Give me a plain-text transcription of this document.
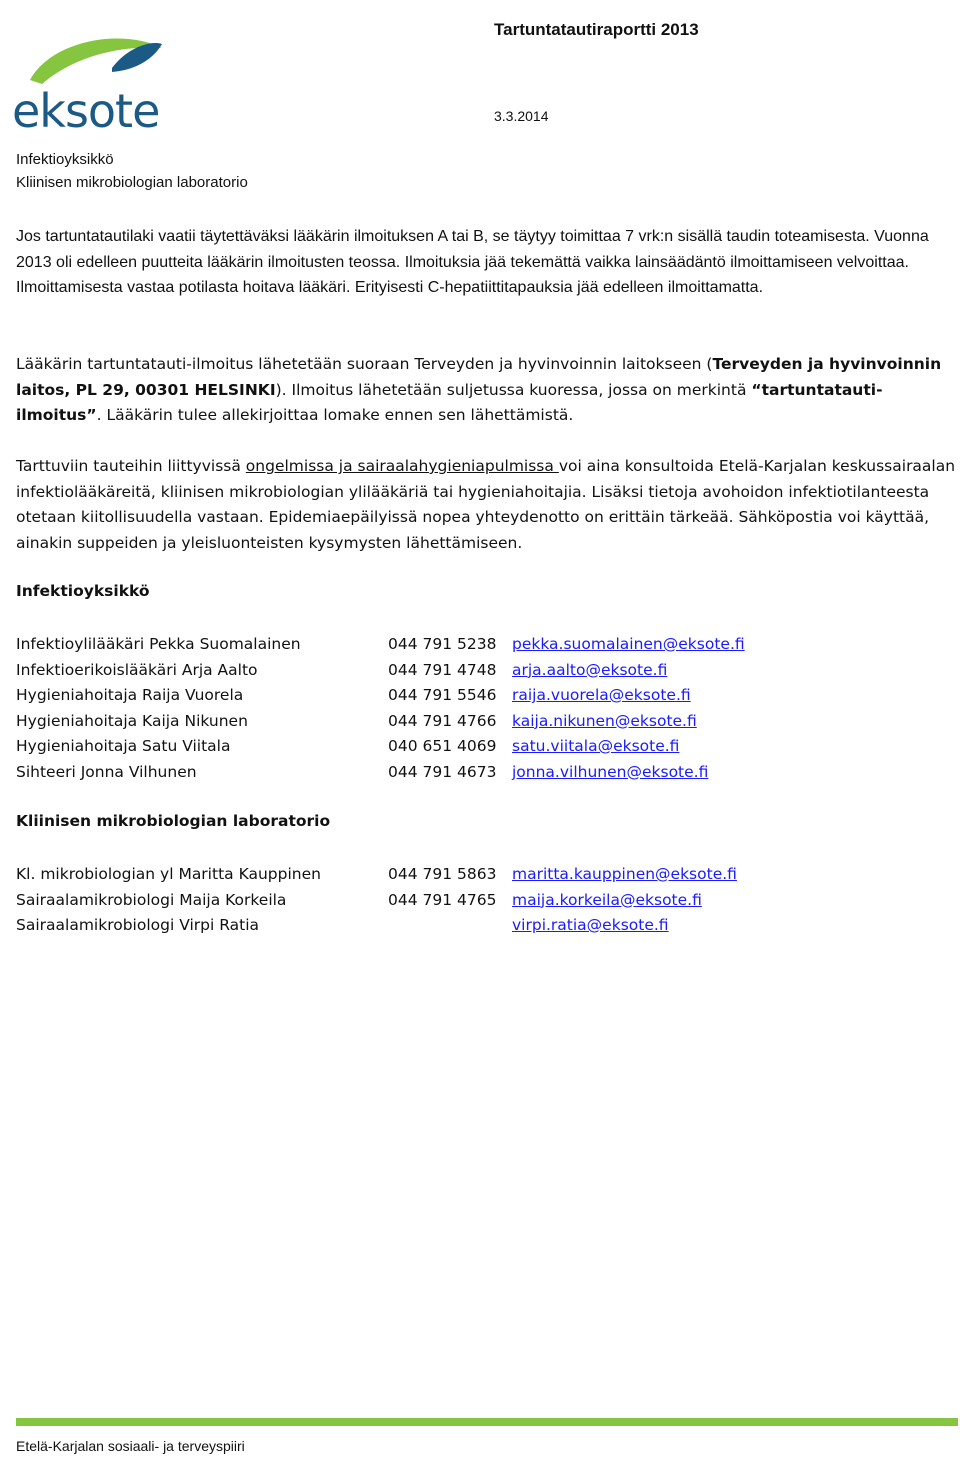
eksote
Tartuntatautiraportti 2013
3.3.2014
Infektioyksikkö
Kliinisen mikrobiologian laboratorio
Jos tartuntatautilaki vaatii täytettäväksi lääkärin ilmoituksen A tai B, se täytyy toimittaa 7 vrk:n sisällä taudin toteamisesta. Vuonna 2013 oli edelleen puutteita lääkärin ilmoitusten teossa. Ilmoituksia jää tekemättä vaikka lainsäädäntö ilmoittamiseen velvoittaa. Ilmoittamisesta vastaa potilasta hoitava lääkäri. Erityisesti C-hepatiittitapauksia jää edelleen ilmoittamatta.
Lääkärin tartuntatauti-ilmoitus lähetetään suoraan Terveyden ja hyvinvoinnin laitokseen (Terveyden ja hyvinvoinnin laitos, PL 29, 00301 HELSINKI). Ilmoitus lähetetään suljetussa kuoressa, jossa on merkintä “tartuntatauti-ilmoitus”. Lääkärin tulee allekirjoittaa lomake ennen sen lähettämistä.
Tarttuviin tauteihin liittyvissä ongelmissa ja sairaalahygieniapulmissa voi aina konsultoida Etelä-Karjalan keskussairaalan infektiolääkäreitä, kliinisen mikrobiologian ylilääkäriä tai hygieniahoitajia. Lisäksi tietoja avohoidon infektiotilanteesta otetaan kiitollisuudella vastaan. Epidemiaepäilyissä nopea yhteydenotto on erittäin tärkeää. Sähköpostia voi käyttää, ainakin suppeiden ja yleisluonteisten kysymysten lähettämiseen.
Infektioyksikkö
Infektioylilääkäri Pekka Suomalainen	044 791 5238 pekka.suomalainen@eksote.fi
Infektioerikoislääkäri Arja Aalto	044 791 4748 arja.aalto@eksote.fi
Hygieniahoitaja Raija Vuorela	044 791 5546 raija.vuorela@eksote.fi
Hygieniahoitaja Kaija Nikunen	044 791 4766 kaija.nikunen@eksote.fi
Hygieniahoitaja Satu Viitala	040 651 4069 satu.viitala@eksote.fi
Sihteeri Jonna Vilhunen	044 791 4673 jonna.vilhunen@eksote.fi
Kliinisen mikrobiologian laboratorio
Kl. mikrobiologian yl Maritta Kauppinen	044 791 5863 maritta.kauppinen@eksote.fi
Sairaalamikrobiologi Maija Korkeila	044 791 4765 maija.korkeila@eksote.fi
Sairaalamikrobiologi Virpi Ratia	virpi.ratia@eksote.fi
Etelä-Karjalan sosiaali- ja terveyspiiri
